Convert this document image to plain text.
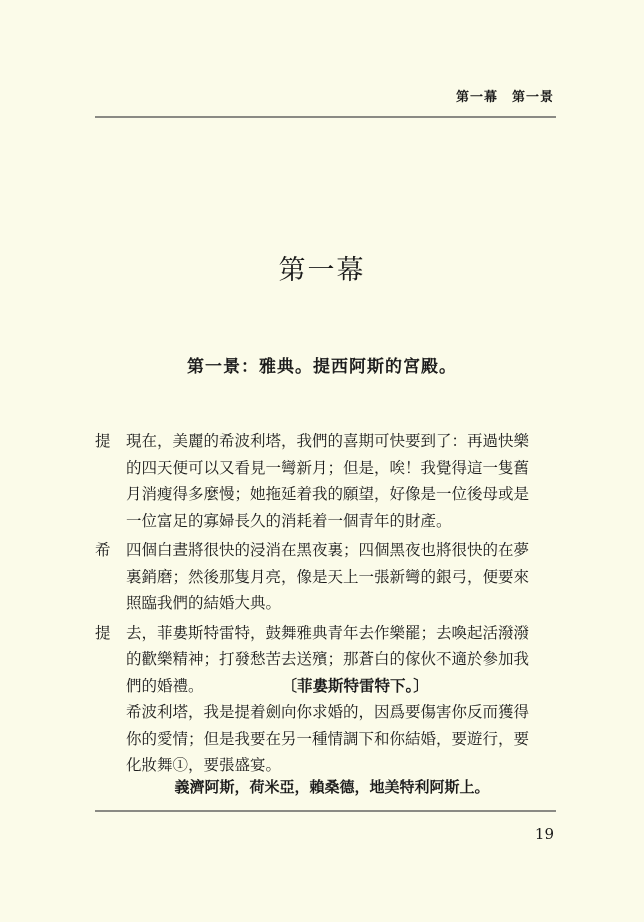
第一幕　第一景
第一幕
第一景：雅典。提西阿斯的宮殿。
提 現在，美麗的希波利塔，我們的喜期可快要到了：再過快樂
的四天便可以又看見一彎新月；但是，唉！我覺得這一隻舊
月消瘦得多麼慢；她拖延着我的願望，好像是一位後母或是
一位富足的寡婦長久的消耗着一個青年的財產。
希 四個白晝將很快的浸消在黑夜裏；四個黑夜也將很快的在夢
裏銷磨；然後那隻月亮，像是天上一張新彎的銀弓，便要來
照臨我們的結婚大典。
提 去，菲婁斯特雷特，鼓舞雅典青年去作樂罷；去喚起活潑潑
的歡樂精神；打發愁苦去送殯；那蒼白的傢伙不適於參加我
們的婚禮。	〔菲婁斯特雷特下。〕
希波利塔，我是提着劍向你求婚的，因爲要傷害你反而獲得
你的愛情；但是我要在另一種情調下和你結婚，要遊行，要
化妝舞①，要張盛宴。
義濟阿斯，荷米亞，賴桑德，地美特利阿斯上。
19
